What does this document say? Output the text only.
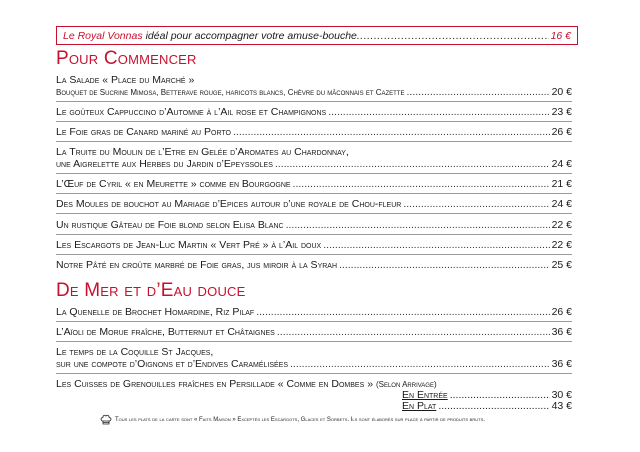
Le Royal Vonnas idéal pour accompagner votre amuse-bouche .....	16 €
Pour Commencer
La Salade « Place du Marché »
Bouquet de Sucrine Mimosa, Betterave rouge, haricots blancs, Chèvre du mâconnais et Cazette .....	20 €
Le goûteux Cappuccino d’Automne à l’Ail rose et Champignons .....	23 €
Le Foie gras de Canard mariné au Porto .....	26 €
La Truite du Moulin de l’Etre en Gelée d’Aromates au Chardonnay,
une Aigrelette aux Herbes du Jardin d’Epeyssoles .....	24 €
L’Œuf de Cyril « en Meurette » comme en Bourgogne .....	21 €
Des Moules de bouchot au Mariage d’Epices autour d’une royale de Chou-fleur .....	24 €
Un rustique Gâteau de Foie blond selon Elisa Blanc .....	22 €
Les Escargots de Jean-Luc Martin « Vert Pré » à l’Ail doux .....	22 €
Notre Pâté en croûte marbré de Foie gras, jus miroir à la Syrah .....	25 €
De Mer et d’Eau douce
La Quenelle de Brochet Homardine, Riz Pilaf .....	26 €
L’Aïoli de Morue fraîche, Butternut et Châtaignes .....	36 €
Le temps de la Coquille St Jacques,
sur une compote d’Oignons et d’Endives Caramélisées .....	36 €
Les Cuisses de Grenouilles fraîches en Persillade « Comme en Dombes » (Selon Arrivage)
En Entrée .....	30 €
En Plat .....	43 €
Tous les plats de la carte sont « Faits Maison » Exceptés les Escargots, Glaces et Sorbets. Ils sont élaborés sur place à partir de produits bruts.
